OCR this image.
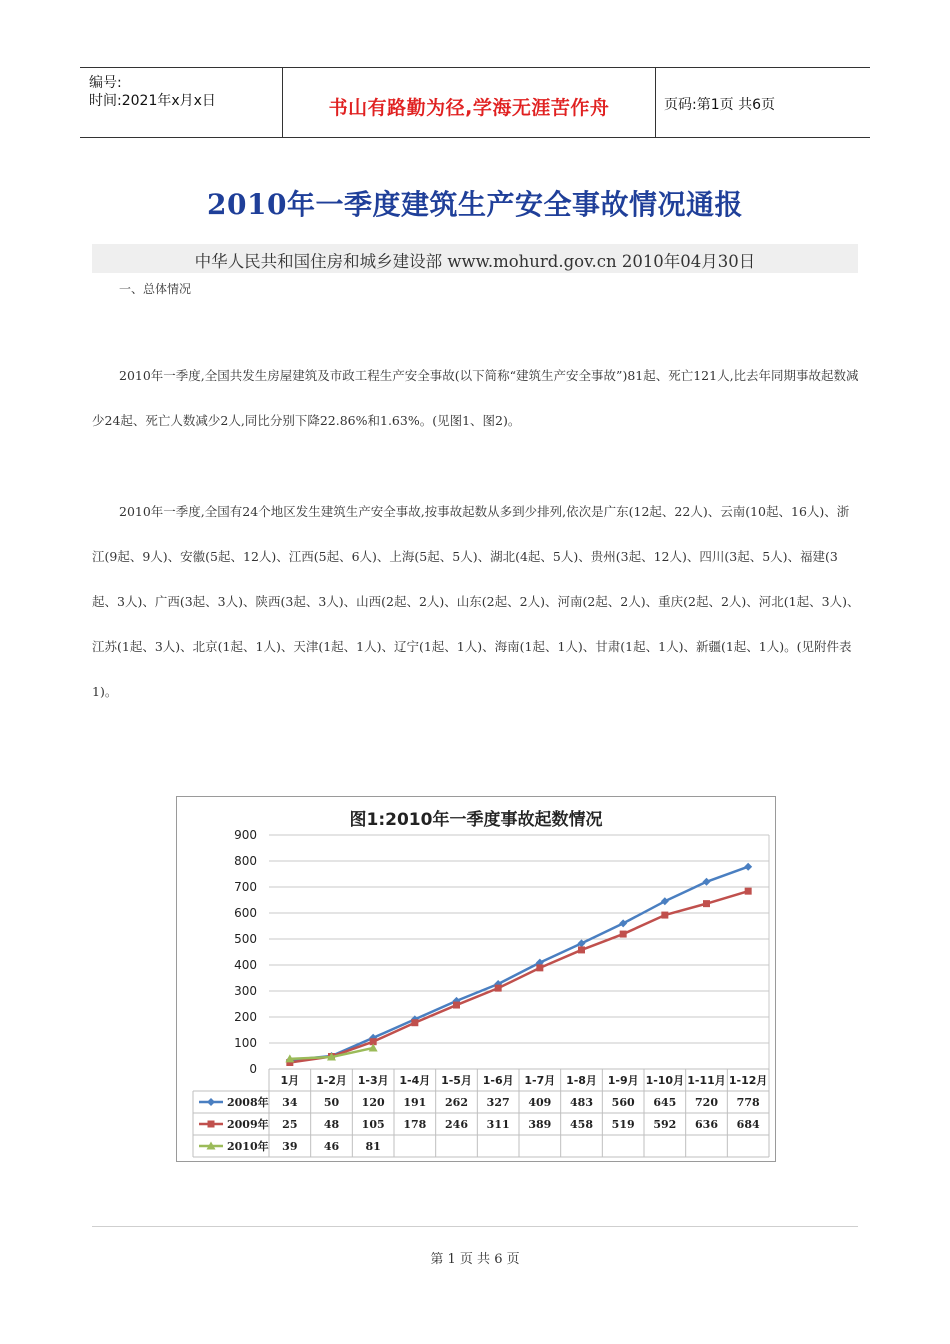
编号:
时间:2021年x月x日	书山有路勤为径,学海无涯苦作舟	页码:第1页 共6页
2010年一季度建筑生产安全事故情况通报
中华人民共和国住房和城乡建设部 www.mohurd.gov.cn 2010年04月30日
一、总体情况

2010年一季度,全国共发生房屋建筑及市政工程生产安全事故(以下简称“建筑生产安全事故”)81起、死亡121人,比去年同期事故起数减少24起、死亡人数减少2人,同比分别下降22.86%和1.63%。(见图1、图2)。

2010年一季度,全国有24个地区发生建筑生产安全事故,按事故起数从多到少排列,依次是广东(12起、22人)、云南(10起、16人)、浙江(9起、9人)、安徽(5起、12人)、江西(5起、6人)、上海(5起、5人)、湖北(4起、5人)、贵州(3起、12人)、四川(3起、5人)、福建(3起、3人)、广西(3起、3人)、陕西(3起、3人)、山西(2起、2人)、山东(2起、2人)、河南(2起、2人)、重庆(2起、2人)、河北(1起、3人)、江苏(1起、3人)、北京(1起、1人)、天津(1起、1人)、辽宁(1起、1人)、海南(1起、1人)、甘肃(1起、1人)、新疆(1起、1人)。(见附件表1)。

图1:2010年一季度事故起数情况
0
100
200
300
400
500
600
700
800
900
1月 1-2月 1-3月 1-4月 1-5月 1-6月 1-7月 1-8月 1-9月 1-10月 1-11月 1-12月
2008年 34 50 120 191 262 327 409 483 560 645 720 778
2009年 25 48 105 178 246 311 389 458 519 592 636 684
2010年 39 46 81
第 1 页 共 6 页
